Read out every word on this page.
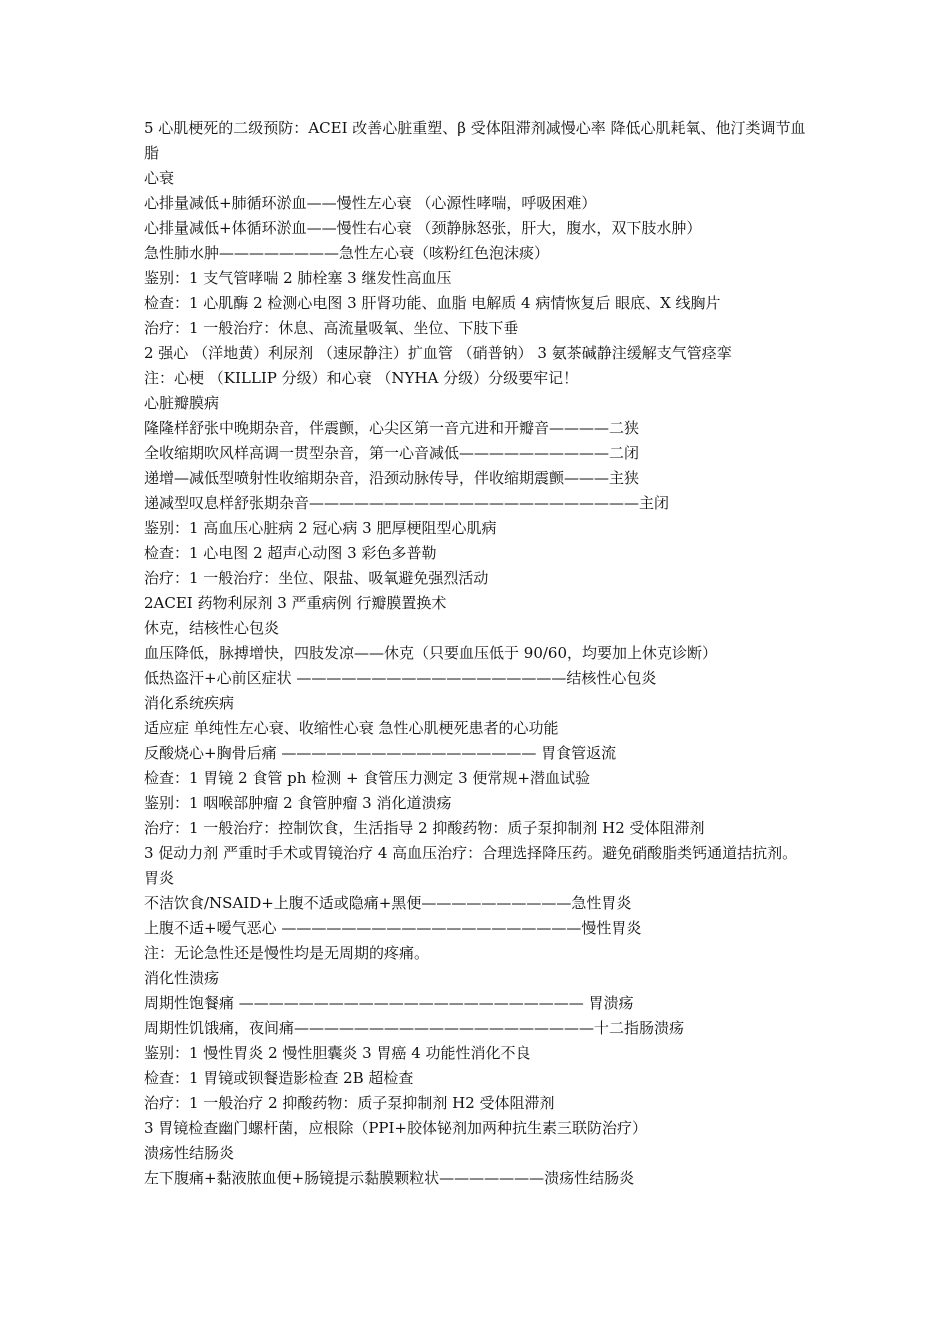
5 心肌梗死的二级预防：ACEI 改善心脏重塑、β 受体阻滞剂减慢心率 降低心肌耗氧、他汀类调节血脂
心衰
心排量减低+肺循环淤血——慢性左心衰 （心源性哮喘，呼吸困难）
心排量减低+体循环淤血——慢性右心衰 （颈静脉怒张，肝大，腹水，双下肢水肿）
急性肺水肿————————急性左心衰（咳粉红色泡沫痰）
鉴别：1 支气管哮喘 2 肺栓塞 3 继发性高血压
检查：1 心肌酶 2 检测心电图 3 肝肾功能、血脂 电解质 4 病情恢复后 眼底、X 线胸片
治疗：1 一般治疗：休息、高流量吸氧、坐位、下肢下垂
2 强心 （洋地黄）利尿剂 （速尿静注）扩血管 （硝普钠） 3 氨茶碱静注缓解支气管痉挛
注：心梗 （KILLIP 分级）和心衰 （NYHA 分级）分级要牢记！
心脏瓣膜病
隆隆样舒张中晚期杂音，伴震颤，心尖区第一音亢进和开瓣音————二狭
全收缩期吹风样高调一贯型杂音，第一心音减低——————————二闭
递增—减低型喷射性收缩期杂音，沿颈动脉传导，伴收缩期震颤———主狭
递减型叹息样舒张期杂音——————————————————————主闭
鉴别：1 高血压心脏病 2 冠心病 3 肥厚梗阻型心肌病
检查：1 心电图 2 超声心动图 3 彩色多普勒
治疗：1 一般治疗：坐位、限盐、吸氧避免强烈活动
2ACEI 药物利尿剂 3 严重病例 行瓣膜置换术
休克，结核性心包炎
血压降低，脉搏增快，四肢发凉——休克（只要血压低于 90/60，均要加上休克诊断）
低热盗汗+心前区症状 ——————————————————结核性心包炎
消化系统疾病
适应症 单纯性左心衰、收缩性心衰 急性心肌梗死患者的心功能
反酸烧心+胸骨后痛 ————————————————— 胃食管返流
检查：1 胃镜 2 食管 ph 检测 + 食管压力测定 3 便常规+潜血试验
鉴别：1 咽喉部肿瘤 2 食管肿瘤 3 消化道溃疡
治疗：1 一般治疗：控制饮食，生活指导 2 抑酸药物：质子泵抑制剂 H2 受体阻滞剂
3 促动力剂 严重时手术或胃镜治疗 4 高血压治疗：合理选择降压药。避免硝酸脂类钙通道拮抗剂。
胃炎
不洁饮食/NSAID+上腹不适或隐痛+黑便——————————急性胃炎
上腹不适+嗳气恶心 ————————————————————慢性胃炎
注：无论急性还是慢性均是无周期的疼痛。
消化性溃疡
周期性饱餐痛 ——————————————————————— 胃溃疡
周期性饥饿痛，夜间痛————————————————————十二指肠溃疡
鉴别：1 慢性胃炎 2 慢性胆囊炎 3 胃癌 4 功能性消化不良
检查：1 胃镜或钡餐造影检查 2B 超检查
治疗：1 一般治疗 2 抑酸药物：质子泵抑制剂 H2 受体阻滞剂
3 胃镜检查幽门螺杆菌，应根除（PPI+胶体铋剂加两种抗生素三联防治疗）
溃疡性结肠炎
左下腹痛+黏液脓血便+肠镜提示黏膜颗粒状———————溃疡性结肠炎
